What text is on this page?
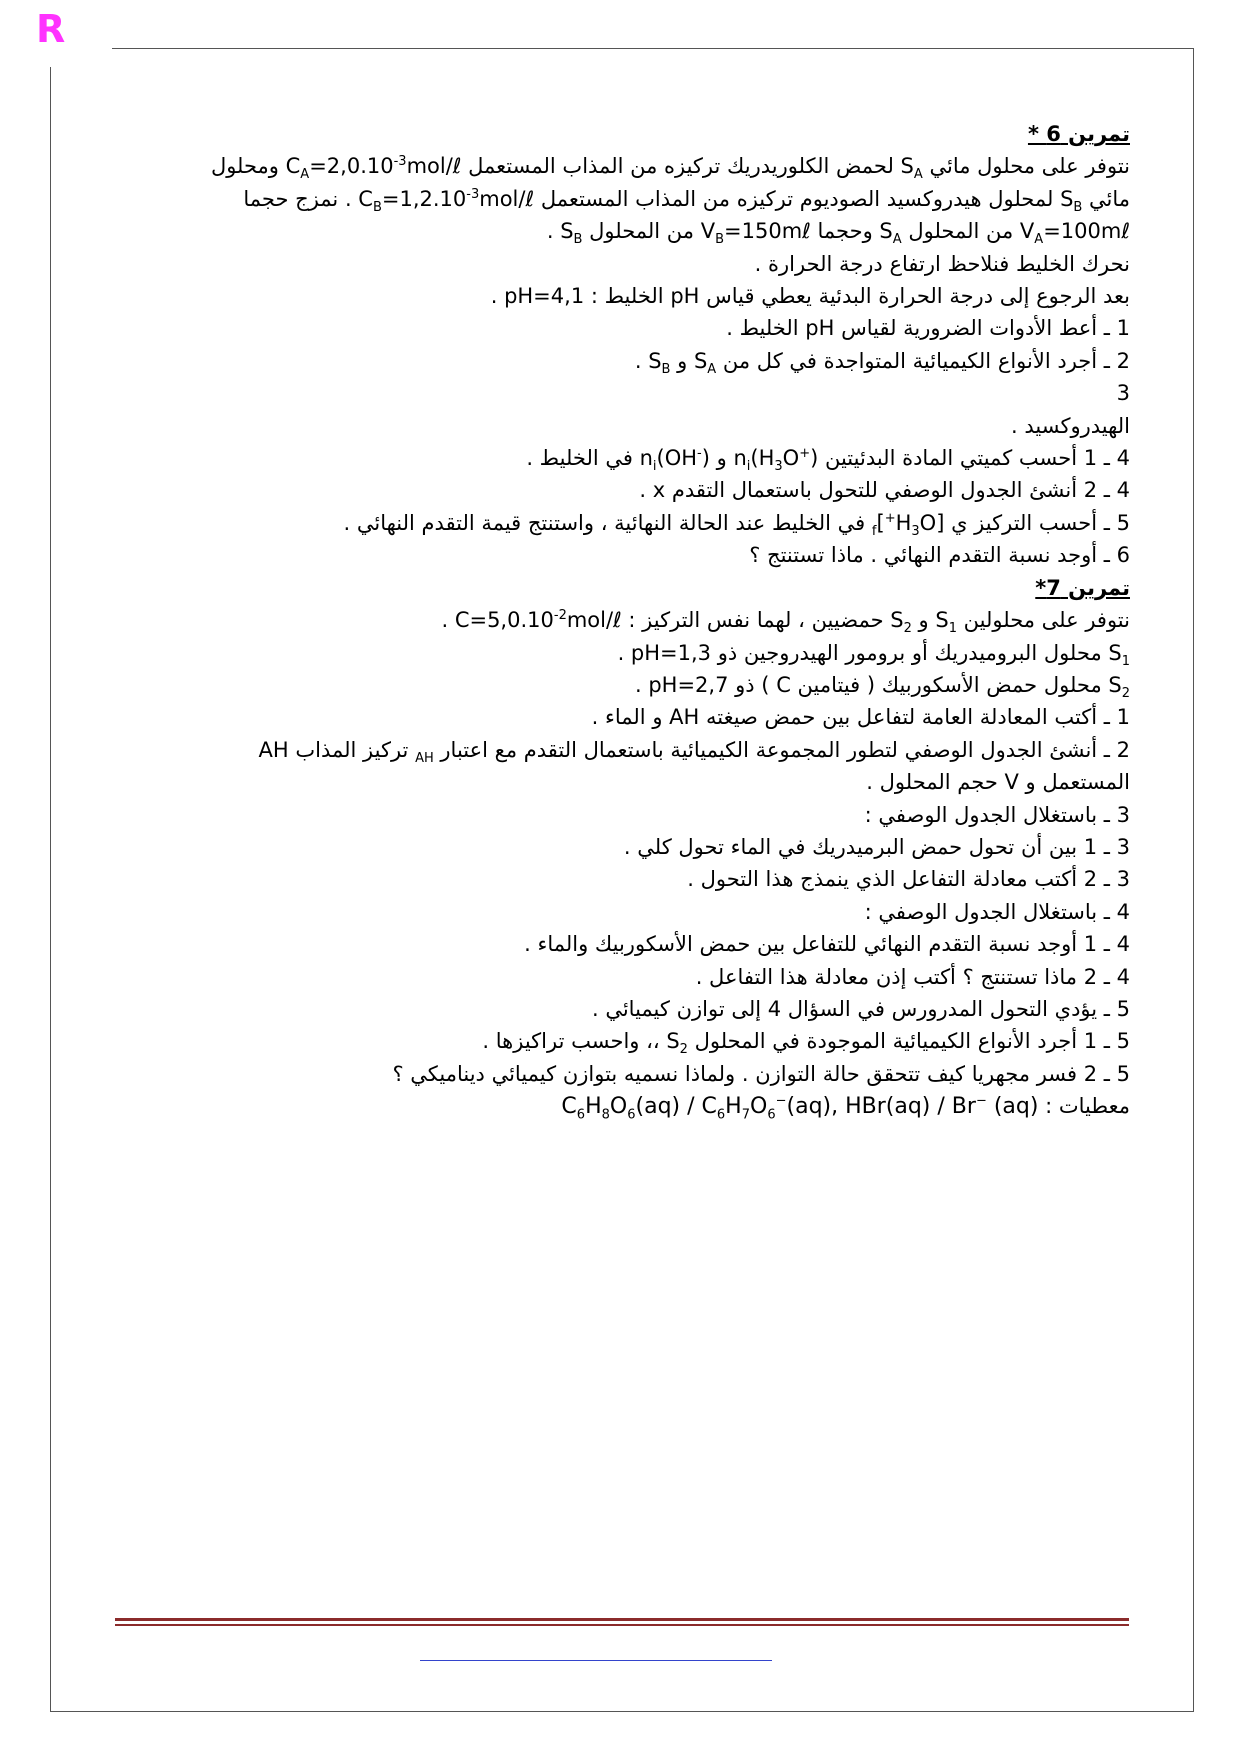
R
تمرين 6 *
نتوفر على محلول مائي $S_A$ لحمض الكلوريدريك تركيزه من المذاب المستعمل $C_A=2,0.10^{-3}mol/\ell$ ومحلول
مائي $S_B$ لمحلول هيدروكسيد الصوديوم تركيزه من المذاب المستعمل $C_B=1,2.10^{-3}mol/\ell$ . نمزج حجما
$V_A=100m\ell$ من المحلول $S_A$ وحجما $V_B=150m\ell$ من المحلول $S_B$ .
نحرك الخليط فنلاحظ ارتفاع درجة الحرارة .
بعد الرجوع إلى درجة الحرارة البدئية يعطي قياس pH الخليط : pH=4,1 .
1 ـ أعط الأدوات الضرورية لقياس pH الخليط .
2 ـ أجرد الأنواع الكيميائية المتواجدة في كل من $S_A$ و $S_B$ .
3
الهيدروكسيد .
4 ـ 1 أحسب كميتي المادة البدئيتين $n_i(H_3O^+)$ و $n_i(OH^-)$ في الخليط .
4 ـ 2 أنشئ الجدول الوصفي للتحول باستعمال التقدم x .
5 ـ أحسب التركيز ي $[H_3O^+]_f$ في الخليط عند الحالة النهائية ، واستنتج قيمة التقدم النهائي .
6 ـ أوجد نسبة التقدم النهائي . ماذا تستنتج ؟
تمرين 7*
نتوفر على محلولين $S_1$ و $S_2$ حمضيين ، لهما نفس التركيز : $C=5,0.10^{-2}mol/\ell$ .
$S_1$ محلول البروميدريك أو برومور الهيدروجين ذو pH=1,3 .
$S_2$ محلول حمض الأسكوربيك ( فيتامين C ) ذو pH=2,7 .
1 ـ أكتب المعادلة العامة لتفاعل بين حمض صيغته AH و الماء .
2 ـ أنشئ الجدول الوصفي لتطور المجموعة الكيميائية باستعمال التقدم مع اعتبار $_{AH}$ تركيز المذاب AH
المستعمل و V حجم المحلول .
3 ـ باستغلال الجدول الوصفي :
3 ـ 1 بين أن تحول حمض البرميدريك في الماء تحول كلي .
3 ـ 2 أكتب معادلة التفاعل الذي ينمذج هذا التحول .
4 ـ باستغلال الجدول الوصفي :
4 ـ 1 أوجد نسبة التقدم النهائي للتفاعل بين حمض الأسكوربيك والماء .
4 ـ 2 ماذا تستنتج ؟ أكتب إذن معادلة هذا التفاعل .
5 ـ يؤدي التحول المدرورس في السؤال 4 إلى توازن كيميائي .
5 ـ 1 أجرد الأنواع الكيميائية الموجودة في المحلول $S_2$ ،، واحسب تراكيزها .
5 ـ 2 فسر مجهريا كيف تتحقق حالة التوازن . ولماذا نسميه بتوازن كيميائي ديناميكي ؟
معطيات : $C_6H_8O_6(aq) / C_6H_7O_6^-(aq)$, HBr(aq) / Br− (aq)
